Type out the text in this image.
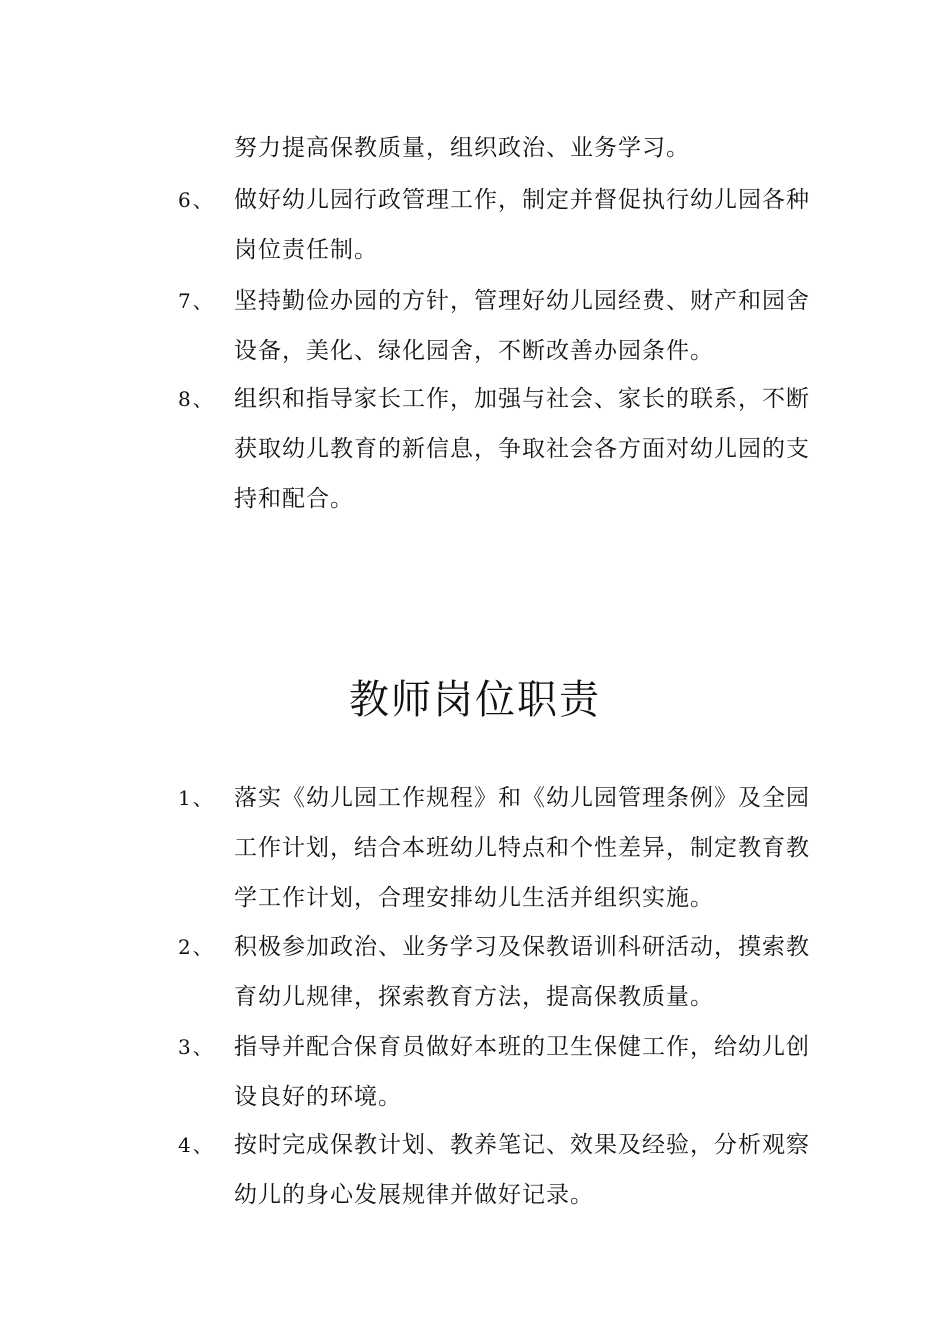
努力提高保教质量，组织政治、业务学习。
6、 做好幼儿园行政管理工作，制定并督促执行幼儿园各种岗位责任制。
7、 坚持勤俭办园的方针，管理好幼儿园经费、财产和园舍设备，美化、绿化园舍，不断改善办园条件。
8、 组织和指导家长工作，加强与社会、家长的联系，不断获取幼儿教育的新信息，争取社会各方面对幼儿园的支持和配合。
教师岗位职责
1、 落实《幼儿园工作规程》和《幼儿园管理条例》及全园工作计划，结合本班幼儿特点和个性差异，制定教育教学工作计划，合理安排幼儿生活并组织实施。
2、 积极参加政治、业务学习及保教语训科研活动，摸索教育幼儿规律，探索教育方法，提高保教质量。
3、 指导并配合保育员做好本班的卫生保健工作，给幼儿创设良好的环境。
4、 按时完成保教计划、教养笔记、效果及经验，分析观察幼儿的身心发展规律并做好记录。
